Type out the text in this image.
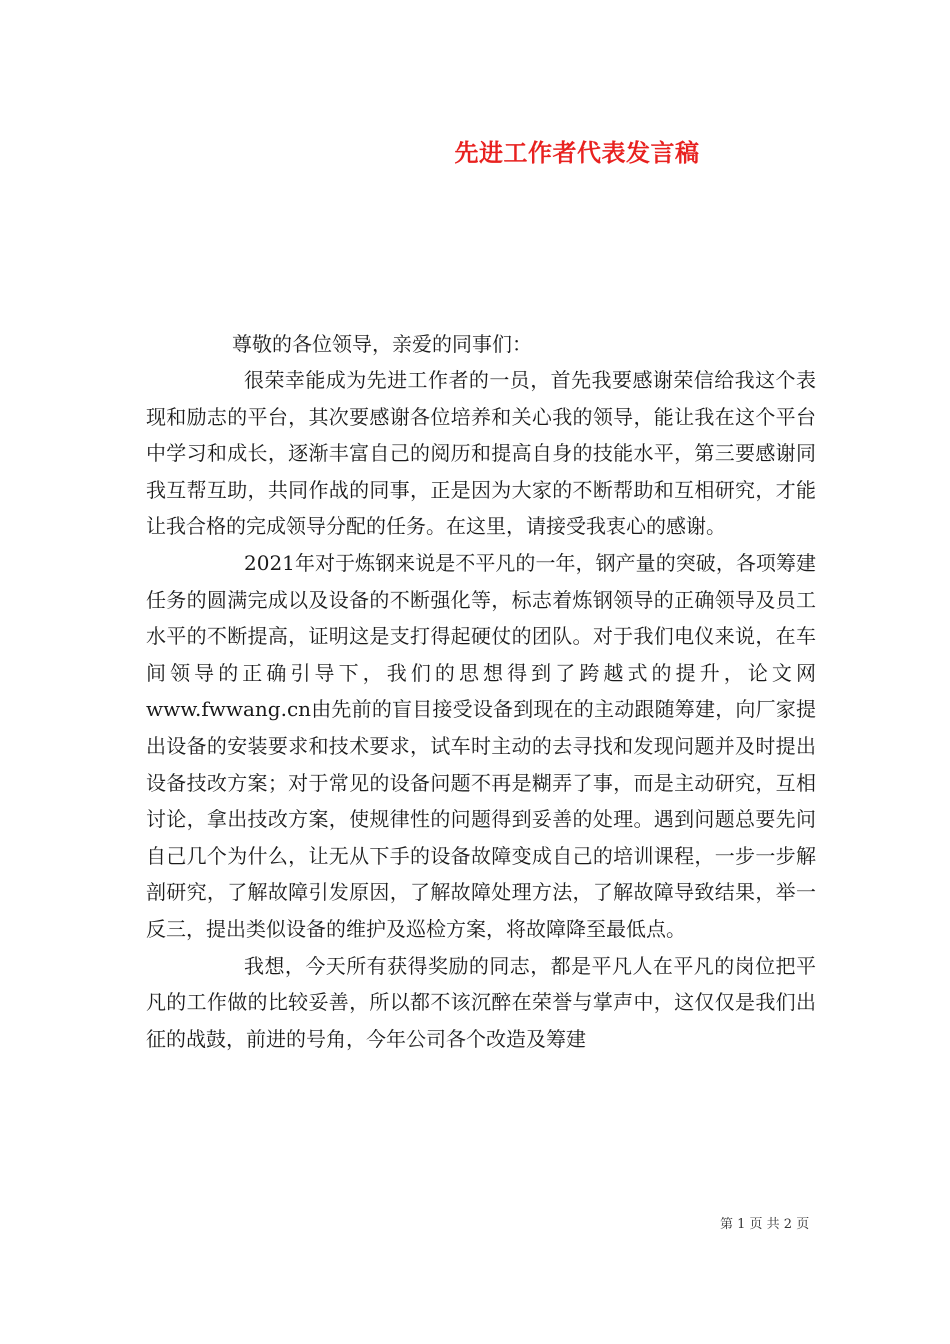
先进工作者代表发言稿
尊敬的各位领导，亲爱的同事们：

很荣幸能成为先进工作者的一员，首先我要感谢荣信给我这个表现和励志的平台，其次要感谢各位培养和关心我的领导，能让我在这个平台中学习和成长，逐渐丰富自己的阅历和提高自身的技能水平，第三要感谢同我互帮互助，共同作战的同事，正是因为大家的不断帮助和互相研究，才能让我合格的完成领导分配的任务。在这里，请接受我衷心的感谢。

2021年对于炼钢来说是不平凡的一年，钢产量的突破，各项筹建任务的圆满完成以及设备的不断强化等，标志着炼钢领导的正确领导及员工水平的不断提高，证明这是支打得起硬仗的团队。对于我们电仪来说，在车间领导的正确引导下，我们的思想得到了跨越式的提升，论文网www.fwwang.cn由先前的盲目接受设备到现在的主动跟随筹建，向厂家提出设备的安装要求和技术要求，试车时主动的去寻找和发现问题并及时提出设备技改方案；对于常见的设备问题不再是糊弄了事，而是主动研究，互相讨论，拿出技改方案，使规律性的问题得到妥善的处理。遇到问题总要先问自己几个为什么，让无从下手的设备故障变成自己的培训课程，一步一步解剖研究，了解故障引发原因，了解故障处理方法，了解故障导致结果，举一反三，提出类似设备的维护及巡检方案，将故障降至最低点。

我想，今天所有获得奖励的同志，都是平凡人在平凡的岗位把平凡的工作做的比较妥善，所以都不该沉醉在荣誉与掌声中，这仅仅是我们出征的战鼓，前进的号角，今年公司各个改造及筹建

第 1 页 共 2 页
